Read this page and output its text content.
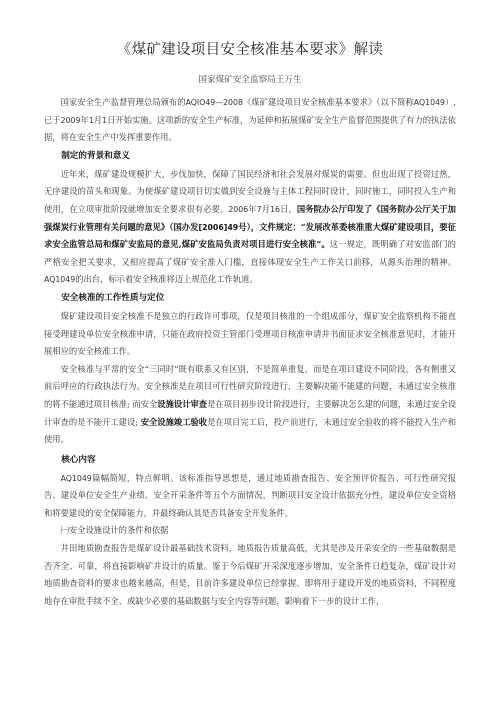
《煤矿建设项目安全核准基本要求》解读
国家煤矿安全监察局王万生

国家安全生产监督管理总局颁布的AQIO49—2008《煤矿建设项目安全核准基本要求》（以下简称AQ1049）,已于2009年1月1日开始实施。这项新的安全生产标准，为延伸和拓展煤矿安全生产监督范围提供了有力的执法依据，将在安全生产中发挥重要作用。

制定的背景和意义

近年来，煤矿建设规模扩大，步伐加快，保障了国民经济和社会发展对煤炭的需要。但也出现了投资过热，无序建设的苗头和现象。为使煤矿建设项目切实做到安全设施与主体工程同时设计，同时施工，同时投入生产和使用，在立项审批阶段就增加安全要求很有必要。2006年7月16日，国务院办公厅印发了《国务院办公厅关于加强煤炭行业管理有关问题的意见》（国办发[2006]49号），文件规定：“发展改革委核准重大煤矿建设项目，要征求安全监管总局和煤矿安监局的意见,煤矿安监局负责对项目进行安全核准”。这一规定，既明确了对安监部门的严格安全把关要求，又相应提高了煤矿安全准入门槛，直接体现安全生产工作关口前移，从源头治理的精神。AQ1049的出台，标示着安全核准将迈上规范化工作轨道。

安全核准的工作性质与定位

煤矿建设项目安全核准不是独立的行政许可事项，仅是项目核准的一个组成部分，煤矿安全监察机构不能直接受理建设单位安全核准申请，只能在政府投资主管部门受理项目核准申请并书面征求安全核准意见时，才能开展相应的安全核准工作。

安全核准与平常的安全“三同时”既有联系又有区别，不是简单重复，而是在项目建设不同阶段，各有侧重又前后呼应的行政执法行为。安全核准是在项目可行性研究阶段进行，主要解决能不能建的问题，未通过安全核准的将不能通过项目核准; 而安全设施设计审查是在项目初步设计阶段进行，主要解决怎么建的问题，未通过安全设计审查的是不能开工建设; 安全设施竣工验收是在项目完工后，投产前进行，未通过安全验收的将不能投入生产和使用。

核心内容

AQ1049篇幅简短，特点鲜明。该标准指导思想是，通过地质勘查报告、安全预评价报告、可行性研究报告、建设单位安全生产业绩、安全开采条件等五个方面情况，判断项目安全设计依据充分性，建设单位安全资格和将要建设的安全保障能力，并最终确认其是否具备安全开发条件。

㈠安全设施设计的条件和依据

井田地质勘查报告是煤矿设计最基础技术资料，地质报告质量高低，尤其是涉及开采安全的一些基础数据是否齐全、可靠，将直接影响矿井设计的质量。鉴于今后煤矿开采深度逐步增加，安全条件日趋复杂，煤矿设计对地质勘查资料的要求也越来越高，但是，目前许多建设单位已经掌握、即将用于建设开发的地质资料，不同程度地存在审批手续不全、或缺少必要的基础数据与安全内容等问题，影响着下一步的设计工作，
